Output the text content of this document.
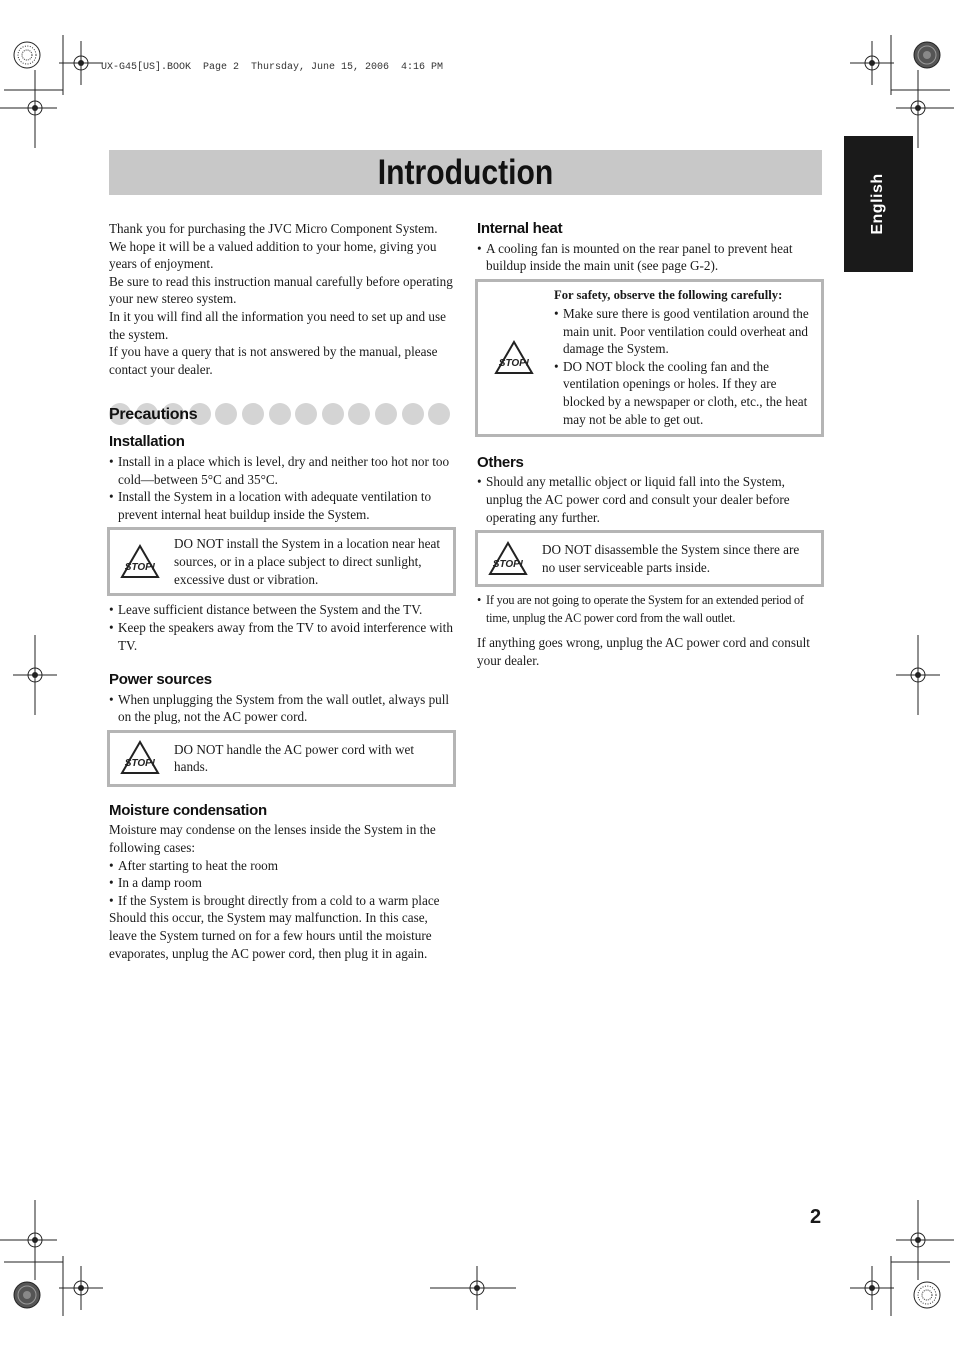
UX-G45[US].BOOK  Page 2  Thursday, June 15, 2006  4:16 PM
Introduction
English

Thank you for purchasing the JVC Micro Component System.

We hope it will be a valued addition to your home, giving you years of enjoyment.

Be sure to read this instruction manual carefully before operating your new stereo system.

In it you will find all the information you need to set up and use the system.

If you have a query that is not answered by the manual, please contact your dealer.

Precautions
Installation
• Install in a place which is level, dry and neither too hot nor too cold—between 5°C and 35°C.
• Install the System in a location with adequate ventilation to prevent internal heat buildup inside the System.
STOP!
DO NOT install the System in a location near heat sources, or in a place subject to direct sunlight, excessive dust or vibration.
• Leave sufficient distance between the System and the TV.
• Keep the speakers away from the TV to avoid interference with TV.
Power sources
• When unplugging the System from the wall outlet, always pull on the plug, not the AC power cord.
STOP!
DO NOT handle the AC power cord with wet hands.
Moisture condensation

Moisture may condense on the lenses inside the System in the following cases:

• After starting to heat the room
• In a damp room
• If the System is brought directly from a cold to a warm place

Should this occur, the System may malfunction. In this case, leave the System turned on for a few hours until the moisture evaporates, unplug the AC power cord, then plug it in again.

Internal heat
• A cooling fan is mounted on the rear panel to prevent heat buildup inside the main unit (see page G-2).
STOP!
For safety, observe the following carefully:
• Make sure there is good ventilation around the main unit. Poor ventilation could overheat and damage the System.
• DO NOT block the cooling fan and the ventilation openings or holes. If they are blocked by a newspaper or cloth, etc., the heat may not be able to get out.
Others
• Should any metallic object or liquid fall into the System, unplug the AC power cord and consult your dealer before operating any further.
STOP!
DO NOT disassemble the System since there are no user serviceable parts inside.
• If you are not going to operate the System for an extended period of time, unplug the AC power cord from the wall outlet.

If anything goes wrong, unplug the AC power cord and consult your dealer.

2
